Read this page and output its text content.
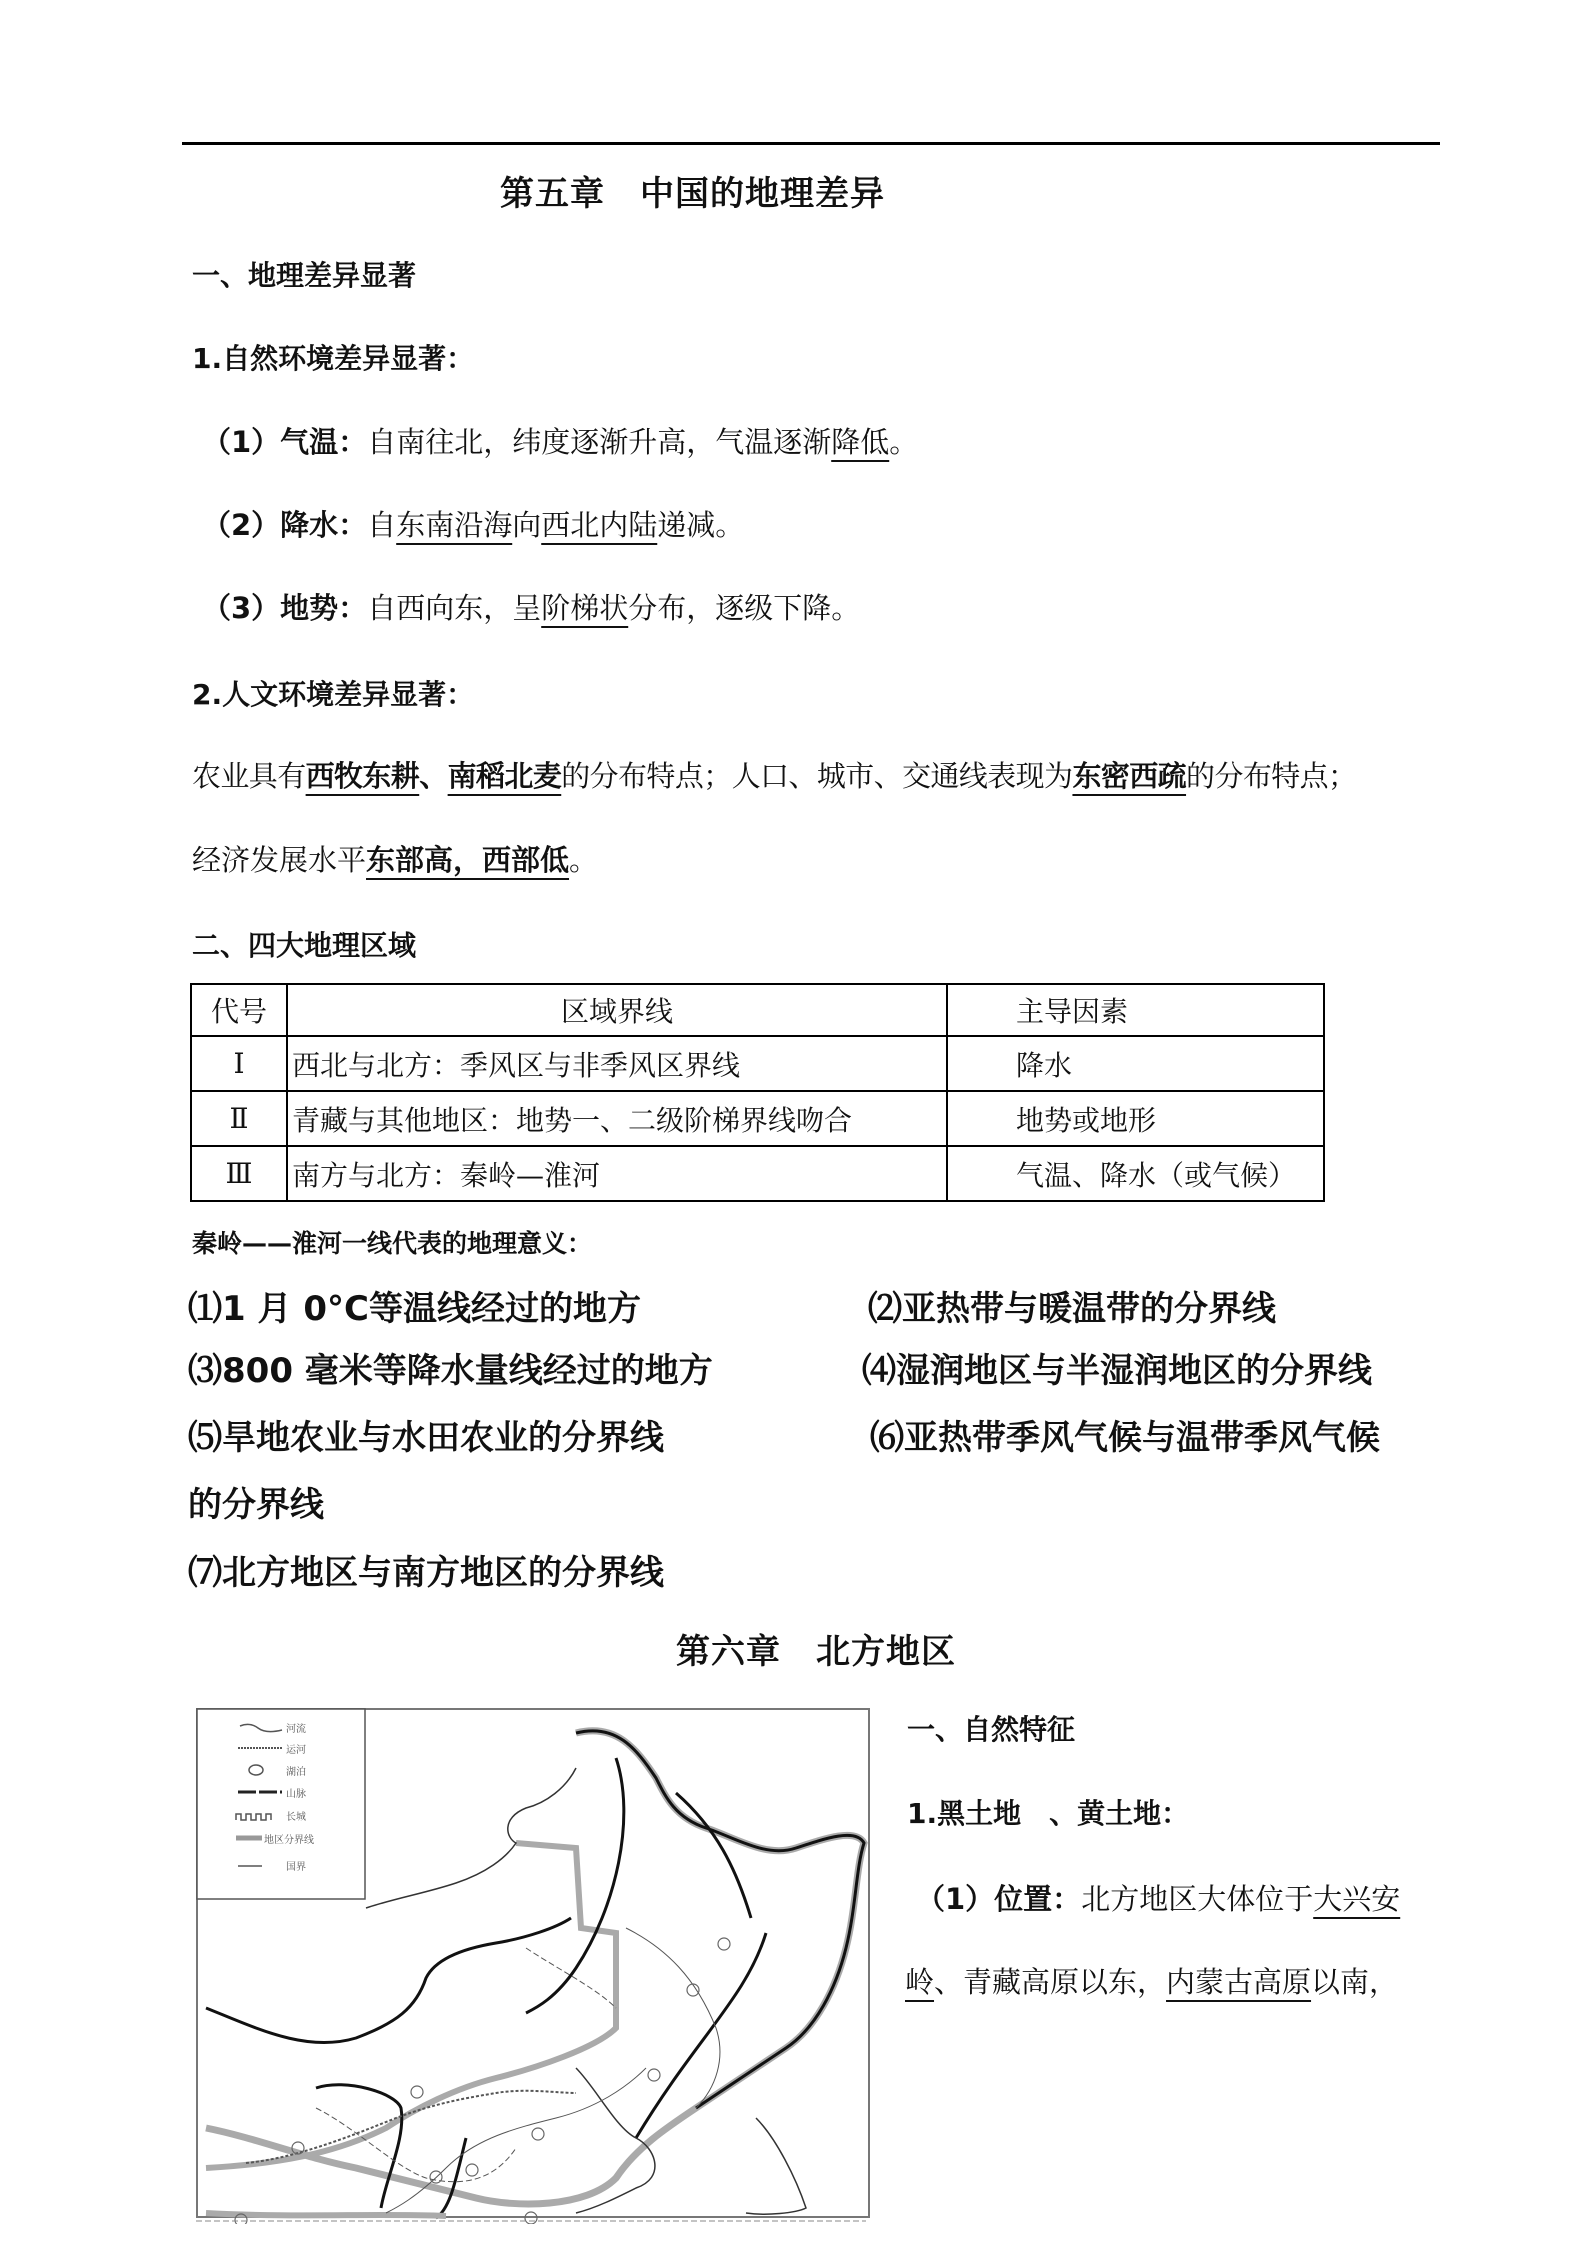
第五章　中国的地理差异
一、地理差异显著
1.自然环境差异显著：
（1）气温：自南往北，纬度逐渐升高，气温逐渐降低。
（2）降水：自东南沿海向西北内陆递减。
（3）地势：自西向东，呈阶梯状分布，逐级下降。
2.人文环境差异显著：
农业具有西牧东耕、南稻北麦的分布特点；人口、城市、交通线表现为东密西疏的分布特点；
经济发展水平东部高，西部低。
二、四大地理区域
代号	区域界线	主导因素
Ⅰ	西北与北方：季风区与非季风区界线	降水
Ⅱ	青藏与其他地区：地势一、二级阶梯界线吻合	地势或地形
Ⅲ	南方与北方：秦岭—淮河	气温、降水（或气候）
秦岭——淮河一线代表的地理意义：
⑴1 月 0°C等温线经过的地方	⑵亚热带与暖温带的分界线
⑶800 毫米等降水量线经过的地方	⑷湿润地区与半湿润地区的分界线
⑸旱地农业与水田农业的分界线	⑹亚热带季风气候与温带季风气候
的分界线
⑺北方地区与南方地区的分界线
第六章　北方地区
河流
运河
湖泊
山脉
长城
地区分界线
国界
一、自然特征
1.黑土地　、黄土地：
（1）位置：北方地区大体位于大兴安
岭、青藏高原以东，内蒙古高原以南，
